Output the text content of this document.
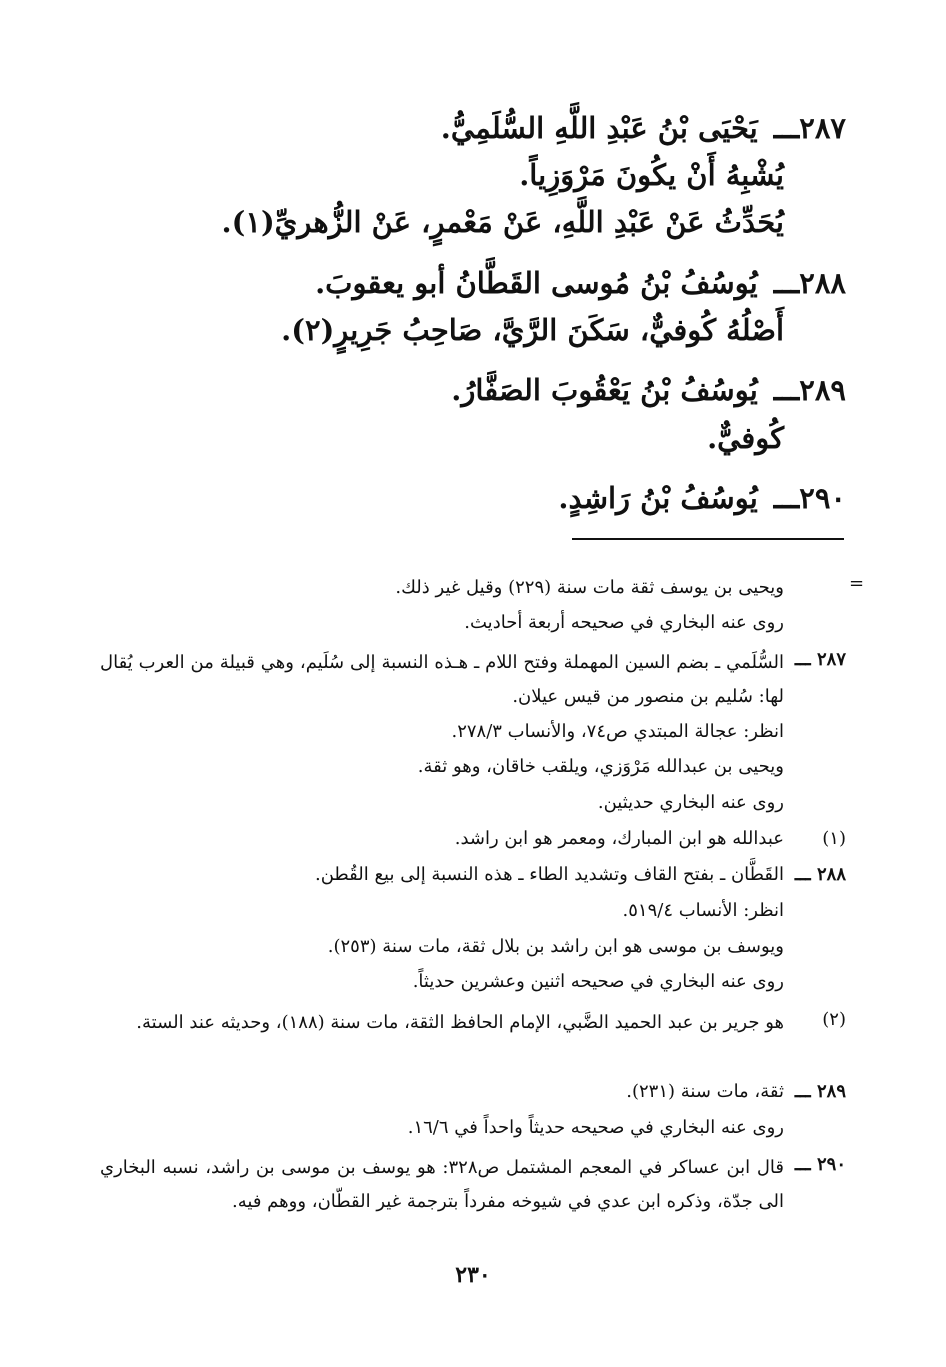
٢٨٧ـــيَحْيَى بْنُ عَبْدِ اللَّهِ السُّلَمِيُّ.
يُشْبِهُ أَنْ يكُونَ مَرْوَزِياً.
يُحَدِّثُ عَنْ عَبْدِ اللَّهِ، عَنْ مَعْمرٍ، عَنْ الزُّهريِّ(١).
٢٨٨ـــيُوسُفُ بْنُ مُوسى القَطَّانُ أبو يعقوبَ.
أَصْلُهُ كُوفيٌّ، سَكَنَ الرَّيَّ، صَاحِبُ جَرِيرٍ(٢).
٢٨٩ـــيُوسُفُ بْنُ يَعْقُوبَ الصَفَّارُ.
كُوفيٌّ.
٢٩٠ـــيُوسُفُ بْنُ رَاشِدٍ.
=
ويحيى بن يوسف ثقة مات سنة (٢٢٩) وقيل غير ذلك.
روى عنه البخاري في صحيحه أربعة أحاديث.
٢٨٧ ـــ
السُّلَمي ـ بضم السين المهملة وفتح اللام ـ هـذه النسبة إلى سُلَيم، وهي قبيلة من العرب يُقال لها: سُليم بن منصور من قيس عيلان.
انظر: عجالة المبتدي ص٧٤، والأنساب ٢٧٨/٣.
ويحيى بن عبدالله مَرْوَزي، ويلقب خاقان، وهو ثقة.
روى عنه البخاري حديثين.
(١)
عبدالله هو ابن المبارك، ومعمر هو ابن راشد.
٢٨٨ ـــ
القَطَّان ـ بفتح القاف وتشديد الطاء ـ هذه النسبة إلى بيع القُطن.
انظر: الأنساب ٥١٩/٤.
ويوسف بن موسى هو ابن راشد بن بلال ثقة، مات سنة (٢٥٣).
روى عنه البخاري في صحيحه اثنين وعشرين حديثاً.
(٢)
هو جرير بن عبد الحميد الضَّبي، الإمام الحافظ الثقة، مات سنة (١٨٨)، وحديثه عند الستة.
٢٨٩ ـــ
ثقة، مات سنة (٢٣١).
روى عنه البخاري في صحيحه حديثاً واحداً في ١٦/٦.
٢٩٠ ـــ
قال ابن عساكر في المعجم المشتمل ص٣٢٨: هو يوسف بن موسى بن راشد، نسبه البخاري الى جدّة، وذكره ابن عدي في شيوخه مفرداً بترجمة غير القطّان، ووهم فيه.
٢٣٠
